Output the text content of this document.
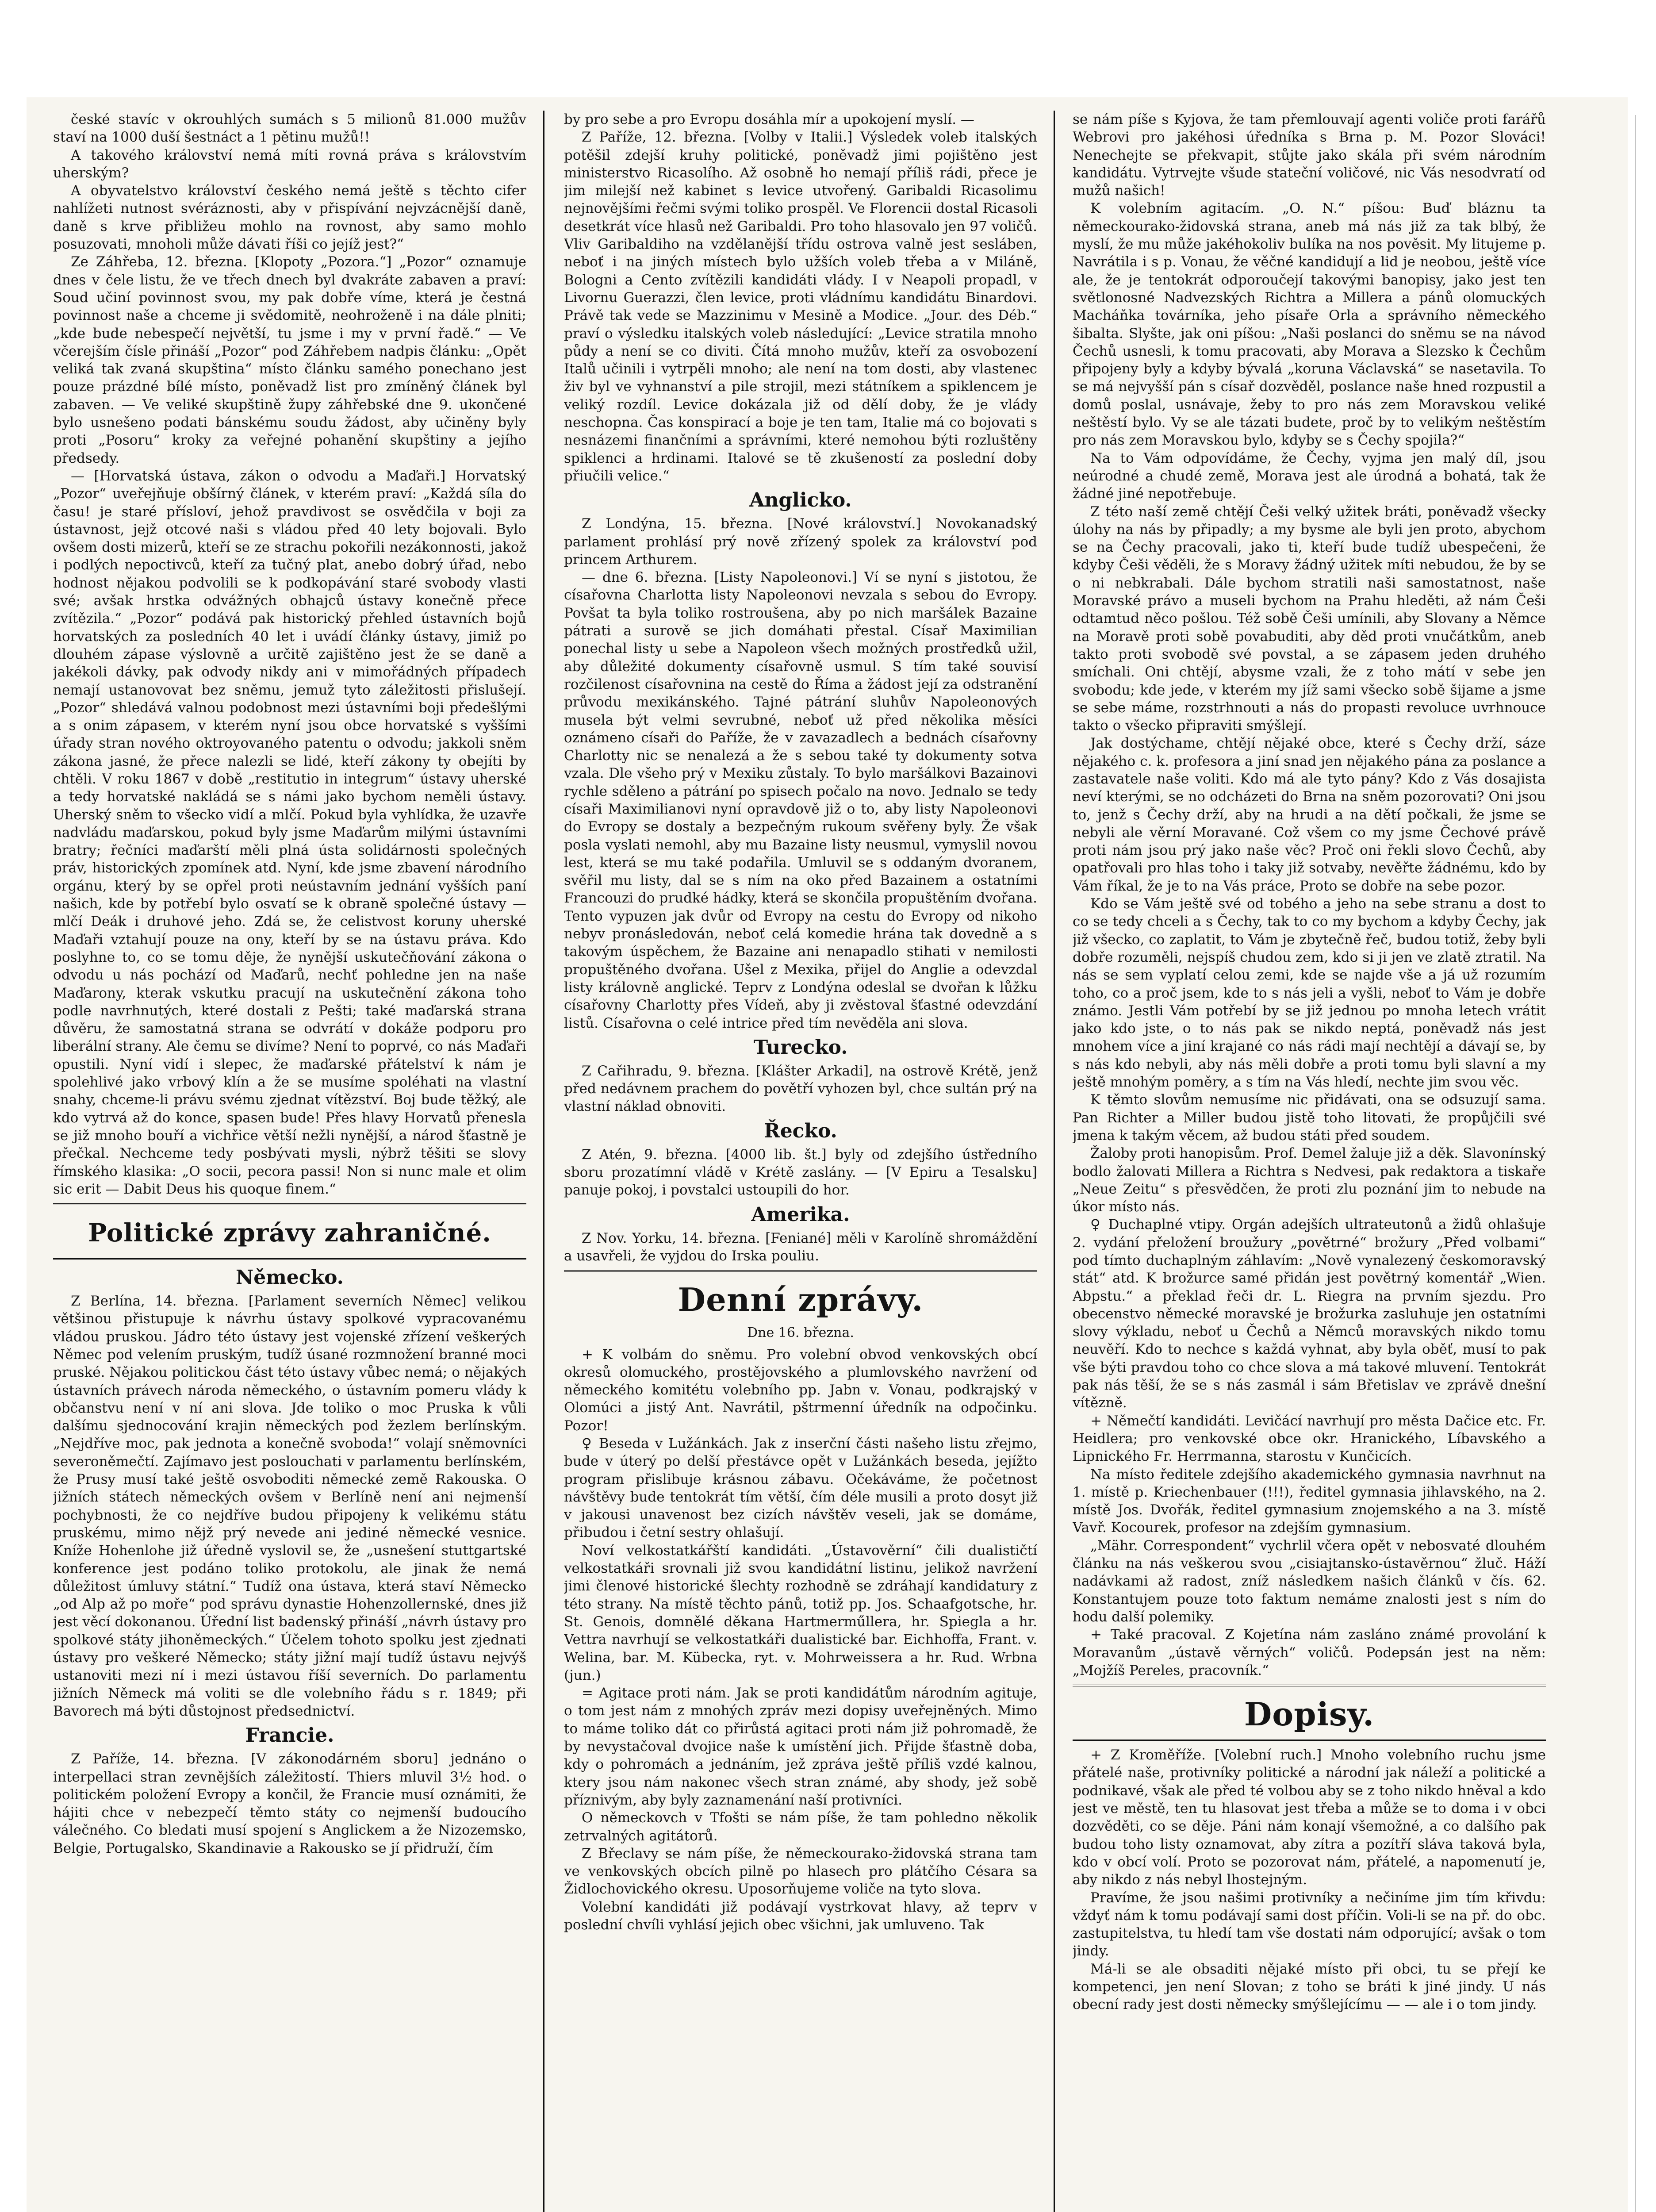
české stavíc v okrouhlých sumách s 5 milionů 81.000 mužův staví na 1000 duší šestnáct a 1 pětinu mužů!!

A takového království nemá míti rovná práva s královstvím uherským?

A obyvatelstvo království českého nemá ještě s těchto cifer nahlížeti nutnost svéráznosti, aby v přispívání nejvzácnější daně, daně s krve přibližeu mohlo na rovnost, aby samo mohlo posuzovati, mnoholi může dávati říši co jejíž jest?“

Ze Záhřeba, 12. března. [Klopoty „Pozora.“] „Pozor“ oznamuje dnes v čele listu, že ve třech dnech byl dvakráte zabaven a praví: Soud učiní povinnost svou, my pak dobře víme, která je čestná povinnost naše a chceme ji svědomitě, neohroženě i na dále plniti; „kde bude nebespečí největší, tu jsme i my v první řadě.“ — Ve včerejším čísle přináší „Pozor“ pod Záhřebem nadpis článku: „Opět veliká tak zvaná skupština“ místo článku samého ponechano jest pouze prázdné bílé místo, poněvadž list pro zmíněný článek byl zabaven. — Ve veliké skupštině župy záhřebské dne 9. ukončené bylo usnešeno podati bánskému soudu žádost, aby učiněny byly proti „Posoru“ kroky za veřejné pohanění skupštiny a jejího předsedy.

— [Horvatská ústava, zákon o odvodu a Maďaři.] Horvatský „Pozor“ uveřejňuje obšírný článek, v kterém praví: „Každá síla do času! je staré přísloví, jehož pravdivost se osvědčila v boji za ústavnost, jejž otcové naši s vládou před 40 lety bojovali. Bylo ovšem dosti mizerů, kteří se ze strachu pokořili nezákonnosti, jakož i podlých nepoctivců, kteří za tučný plat, anebo dobrý úřad, nebo hodnost nějakou podvolili se k podkopávání staré svobody vlasti své; avšak hrstka odvážných obhajců ústavy konečně přece zvítězila.“ „Pozor“ podává pak historický přehled ústavních bojů horvatských za posledních 40 let i uvádí články ústavy, jimiž po dlouhém zápase výslovně a určitě zajištěno jest že se daně a jakékoli dávky, pak odvody nikdy ani v mimořádných případech nemají ustanovovat bez sněmu, jemuž tyto záležitosti přislušejí. „Pozor“ shledává valnou podobnost mezi ústavními boji předešlými a s onim zápasem, v kterém nyní jsou obce horvatské s vyššími úřady stran nového oktroyovaného patentu o odvodu; jakkoli sněm zákona jasné, že přece nalezli se lidé, kteří zákony ty obejíti by chtěli. V roku 1867 v době „restitutio in integrum“ ústavy uherské a tedy horvatské nakládá se s námi jako bychom neměli ústavy. Uherský sněm to všecko vidí a mlčí. Pokud byla vyhlídka, že uzavře nadvládu maďarskou, pokud byly jsme Maďarům milými ústavními bratry; řečníci maďarští měli plná ústa solidárnosti společných práv, historických zpomínek atd. Nyní, kde jsme zbavení národního orgánu, který by se opřel proti neústavním jednání vyšších paní našich, kde by potřebí bylo osvatí se k obraně společné ústavy — mlčí Deák i druhové jeho. Zdá se, že celistvost koruny uherské Maďaři vztahují pouze na ony, kteří by se na ústavu práva. Kdo poslyhne to, co se tomu děje, že nynější uskutečňování zákona o odvodu u nás pochází od Maďarů, nechť pohledne jen na naše Maďarony, kterak vskutku pracují na uskutečnění zákona toho podle navrhnutých, které dostali z Pešti; také maďarská strana důvěru, že samostatná strana se odvrátí v dokáže podporu pro liberální strany. Ale čemu se divíme? Není to poprvé, co nás Maďaři opustili. Nyní vidí i slepec, že maďarské přátelství k nám je spolehlivé jako vrbový klín a že se musíme spoléhati na vlastní snahy, chceme-li právu svému zjednat vítězství. Boj bude těžký, ale kdo vytrvá až do konce, spasen bude! Přes hlavy Horvatů přenesla se již mnoho bouří a vichřice větší nežli nynější, a národ šťastně je přečkal. Nechceme tedy posbývati mysli, nýbrž těšiti se slovy římského klasika: „O socii, pecora passi! Non si nunc male et olim sic erit — Dabit Deus his quoque finem.“

Politické zprávy zahraničné.
Německo.

Z Berlína, 14. března. [Parlament severních Němec] velikou většinou přistupuje k návrhu ústavy spolkové vypracovanému vládou pruskou. Jádro této ústavy jest vojenské zřízení veškerých Němec pod velením pruským, tudíž úsané rozmnožení branné moci pruské. Nějakou politickou část této ústavy vůbec nemá; o nějakých ústavních právech národa německého, o ústavním pomeru vlády k občanstvu není v ní ani slova. Jde toliko o moc Pruska k vůli dalšímu sjednocování krajin německých pod žezlem berlínským. „Nejdříve moc, pak jednota a konečně svoboda!“ volají sněmovníci severoněmečtí. Zajímavo jest poslouchati v parlamentu berlínském, že Prusy musí také ještě osvoboditi německé země Rakouska. O jižních státech německých ovšem v Berlíně není ani nejmenší pochybnosti, že co nejdříve budou připojeny k velikému státu pruskému, mimo nějž prý nevede ani jediné německé vesnice. Kníže Hohenlohe již úředně vyslovil se, že „usnešení stuttgartské konference jest podáno toliko protokolu, ale jinak že nemá důležitost úmluvy státní.“ Tudíž ona ústava, která staví Německo „od Alp až po moře“ pod správu dynastie Hohenzollernské, dnes již jest věcí dokonanou. Úřední list badenský přináší „návrh ústavy pro spolkové státy jihoněmeckých.“ Účelem tohoto spolku jest zjednati ústavy pro veškeré Německo; státy jižní mají tudíž ústavu nejvýš ustanoviti mezi ní i mezi ústavou říší severních. Do parlamentu jižních Německ má voliti se dle volebního řádu s r. 1849; při Bavorech má býti důstojnost předsednictví.

Francie.

Z Paříže, 14. března. [V zákonodárném sboru] jednáno o interpellaci stran zevnějších záležitostí. Thiers mluvil 3½ hod. o politickém položení Evropy a končil, že Francie musí oznámiti, že hájiti chce v nebezpečí těmto státy co nejmenší budoucího válečného. Co bledati musí spojení s Anglickem a že Nizozemsko, Belgie, Portugalsko, Skandinavie a Rakousko se jí přidruží, čím

by pro sebe a pro Evropu dosáhla mír a upokojení myslí. —

Z Paříže, 12. března. [Volby v Italii.] Výsledek voleb italských potěšil zdejší kruhy politické, poněvadž jimi pojištěno jest ministerstvo Ricasolího. Až osobně ho nemají příliš rádi, přece je jim milejší než kabinet s levice utvořený. Garibaldi Ricasolimu nejnovějšími řečmi svými toliko prospěl. Ve Florencii dostal Ricasoli desetkrát více hlasů než Garibaldi. Pro toho hlasovalo jen 97 voličů. Vliv Garibaldiho na vzdělanější třídu ostrova valně jest sesláben, neboť i na jiných místech bylo užších voleb třeba a v Miláně, Bologni a Cento zvítězili kandidáti vlády. I v Neapoli propadl, v Livornu Guerazzi, člen levice, proti vládnímu kandidátu Binardovi. Právě tak vede se Mazzinimu v Mesině a Modice. „Jour. des Déb.“ praví o výsledku italských voleb následující: „Levice stratila mnoho půdy a není se co diviti. Čítá mnoho mužův, kteří za osvobození Italů učinili i vytrpěli mnoho; ale není na tom dosti, aby vlastenec živ byl ve vyhnanství a pile strojil, mezi státníkem a spiklencem je veliký rozdíl. Levice dokázala již od dělí doby, že je vlády neschopna. Čas konspirací a boje je ten tam, Italie má co bojovati s nesnázemi finančními a správními, které nemohou býti rozluštěny spiklenci a hrdinami. Italové se tě zkušeností za poslední doby přiučili velice.“

Anglicko.

Z Londýna, 15. března. [Nové království.] Novokanadský parlament prohlásí prý nově zřízený spolek za království pod princem Arthurem.

— dne 6. března. [Listy Napoleonovi.] Ví se nyní s jistotou, že císařovna Charlotta listy Napoleonovi nevzala s sebou do Evropy. Povšat ta byla toliko rostroušena, aby po nich maršálek Bazaine pátrati a surově se jich domáhati přestal. Císař Maximilian ponechal listy u sebe a Napoleon všech možných prostředků užil, aby důležité dokumenty císařovně usmul. S tím také souvisí rozčilenost císařovnina na cestě do Říma a žádost její za odstranění průvodu mexikánského. Tajné pátrání sluhův Napoleonových musela být velmi sevrubné, neboť už před několika měsíci oznámeno císaři do Paříže, že v zavazadlech a bednách císařovny Charlotty nic se nenalezá a že s sebou také ty dokumenty sotva vzala. Dle všeho prý v Mexiku zůstaly. To bylo maršálkovi Bazainovi rychle sděleno a pátrání po spisech počalo na novo. Jednalo se tedy císaři Maximilianovi nyní opravdově již o to, aby listy Napoleonovi do Evropy se dostaly a bezpečným rukoum svěřeny byly. Že však posla vyslati nemohl, aby mu Bazaine listy neusmul, vymyslil novou lest, která se mu také podařila. Umluvil se s oddaným dvoranem, svěřil mu listy, dal se s ním na oko před Bazainem a ostatními Francouzi do prudké hádky, která se skončila propuštěním dvořana. Tento vypuzen jak dvůr od Evropy na cestu do Evropy od nikoho nebyv pronásledován, neboť celá komedie hrána tak dovedně a s takovým úspěchem, že Bazaine ani nenapadlo stihati v nemilosti propuštěného dvořana. Ušel z Mexika, přijel do Anglie a odevzdal listy královně anglické. Teprv z Londýna odeslal se dvořan k lůžku císařovny Charlotty přes Vídeň, aby ji zvěstoval šťastné odevzdání listů. Císařovna o celé intrice před tím nevěděla ani slova.

Turecko.

Z Cařihradu, 9. března. [Klášter Arkadi], na ostrově Krétě, jenž před nedávnem prachem do povětří vyhozen byl, chce sultán prý na vlastní náklad obnoviti.

Řecko.

Z Atén, 9. března. [4000 lib. št.] byly od zdejšího ústředního sboru prozatímní vládě v Krétě zaslány. — [V Epiru a Tesalsku] panuje pokoj, i povstalci ustoupili do hor.

Amerika.

Z Nov. Yorku, 14. března. [Feniané] měli v Karolíně shromáždění a usavřeli, že vyjdou do Irska pouliu.

Denní zprávy.
Dne 16. března.

+ K volbám do sněmu. Pro volební obvod venkovských obcí okresů olomuckého, prostějovského a plumlovského navržení od německého komitétu volebního pp. Jabn v. Vonau, podkrajský v Olomúci a jistý Ant. Navrátil, pštrmenní úředník na odpočinku. Pozor!

♀ Beseda v Lužánkách. Jak z inserční části našeho listu zřejmo, bude v úterý po delší přestávce opět v Lužánkách beseda, jejížto program přislibuje krásnou zábavu. Očekáváme, že početnost návštěvy bude tentokrát tím větší, čím déle musili a proto dosyt již v jakousi unavenost bez cizích návštěv veseli, jak se domáme, přibudou i četní sestry ohlašují.

Noví velkostatkářští kandidáti. „Ústavověrní“ čili dualističtí velkostatkáři srovnali již svou kandidátní listinu, jelikož navržení jimi členové historické šlechty rozhodně se zdráhají kandidatury z této strany. Na místě těchto pánů, totiž pp. Jos. Schaafgotsche, hr. St. Genois, domnělé děkana Hartmerműllera, hr. Spiegla a hr. Vettra navrhují se velkostatkáři dualistické bar. Eichhoffa, Frant. v. Welina, bar. M. Kübecka, ryt. v. Mohrweissera a hr. Rud. Wrbna (jun.)

= Agitace proti nám. Jak se proti kandidátům národním agituje, o tom jest nám z mnohých zpráv mezi dopisy uveřejněných. Mimo to máme toliko dát co přirůstá agitaci proti nám již pohromadě, že by nevystačoval dvojice naše k umístění jich. Přijde šťastně doba, kdy o pohromách a jednáním, jež zpráva ještě příliš vzdé kalnou, ktery jsou nám nakonec všech stran známé, aby shody, jež sobě příznivým, aby byly zaznamenání naší protivníci.

O německovch v Tfošti se nám píše, že tam pohledno několik zetrvalných agitátorů.

Z Břeclavy se nám píše, že německourako-židovská strana tam ve venkovských obcích pilně po hlasech pro plátčího Césara sa Židlochovického okresu. Uposorňujeme voliče na tyto slova.

Volební kandidáti již podávají vystrkovat hlavy, až teprv v poslední chvíli vyhlásí jejich obec všichni, jak umluveno. Tak

se nám píše s Kyjova, že tam přemlouvají agenti voliče proti farářů Webrovi pro jakéhosi úředníka s Brna p. M. Pozor Slováci! Nenechejte se překvapit, stůjte jako skála při svém národním kandidátu. Vytrvejte všude stateční voličové, nic Vás nesodvratí od mužů našich!

K volebním agitacím. „O. N.“ píšou: Buď bláznu ta německourako-židovská strana, aneb má nás již za tak blbý, že myslí, že mu může jakéhokoliv bulíka na nos pověsit. My litujeme p. Navrátila i s p. Vonau, že věčné kandidují a lid je neobou, ještě více ale, že je tentokrát odporoučejí takovými banopisy, jako jest ten světlonosné Nadvezských Richtra a Millera a pánů olomuckých Macháňka továrníka, jeho písaře Orla a správního německého šibalta. Slyšte, jak oni píšou: „Naši poslanci do sněmu se na návod Čechů usnesli, k tomu pracovati, aby Morava a Slezsko k Čechům připojeny byly a kdyby bývalá „koruna Václavská“ se nasetavila. To se má nejvyšší pán s císař dozvěděl, poslance naše hned rozpustil a domů poslal, usnávaje, žeby to pro nás zem Moravskou veliké neštěstí bylo. Vy se ale tázati budete, proč by to velikým neštěstím pro nás zem Moravskou bylo, kdyby se s Čechy spojila?“

Na to Vám odpovídáme, že Čechy, vyjma jen malý díl, jsou neúrodné a chudé země, Morava jest ale úrodná a bohatá, tak že žádné jiné nepotřebuje.

Z této naší země chtějí Češi velký užitek bráti, poněvadž všecky úlohy na nás by připadly; a my bysme ale byli jen proto, abychom se na Čechy pracovali, jako ti, kteří bude tudíž ubespečeni, že kdyby Češi věděli, že s Moravy žádný užitek míti nebudou, že by se o ni nebkrabali. Dále bychom stratili naši samostatnost, naše Moravské právo a museli bychom na Prahu hleděti, až nám Češi odtamtud něco pošlou. Též sobě Češi umínili, aby Slovany a Němce na Moravě proti sobě povabuditi, aby děd proti vnučátkům, aneb takto proti svobodě své povstal, a se zápasem jeden druhého smíchali. Oni chtějí, abysme vzali, že z toho mátí v sebe jen svobodu; kde jede, v kterém my jíž sami všecko sobě šijame a jsme se sebe máme, rozstrhnouti a nás do propasti revoluce uvrhnouce takto o všecko připraviti smýšlejí.

Jak dostýchame, chtějí nějaké obce, které s Čechy drží, sáze nějakého c. k. profesora a jiní snad jen nějakého pána za poslance a zastavatele naše voliti. Kdo má ale tyto pány? Kdo z Vás dosajista neví kterými, se no odcházeti do Brna na sněm pozorovati? Oni jsou to, jenž s Čechy drží, aby na hrudi a na dětí počkali, že jsme se nebyli ale věrní Moravané. Což všem co my jsme Čechové právě proti nám jsou prý jako naše věc? Proč oni řekli slovo Čechů, aby opatřovali pro hlas toho i taky již sotvaby, nevěřte žádnému, kdo by Vám říkal, že je to na Vás práce, Proto se dobře na sebe pozor.

Kdo se Vám ještě své od tobého a jeho na sebe stranu a dost to co se tedy chceli a s Čechy, tak to co my bychom a kdyby Čechy, jak již všecko, co zaplatit, to Vám je zbytečně řeč, budou totiž, žeby byli dobře rozuměli, nejspíš chudou zem, kdo si ji jen ve zlatě ztratil. Na nás se sem vyplatí celou zemi, kde se najde vše a já už rozumím toho, co a proč jsem, kde to s nás jeli a vyšli, neboť to Vám je dobře známo. Jestli Vám potřebí by se již jednou po mnoha letech vrátit jako kdo jste, o to nás pak se nikdo neptá, poněvadž nás jest mnohem více a jiní krajané co nás rádi mají nechtějí a dávají se, by s nás kdo nebyli, aby nás měli dobře a proti tomu byli slavní a my ještě mnohým poměry, a s tím na Vás hledí, nechte jim svou věc.

K těmto slovům nemusíme nic přidávati, ona se odsuzují sama. Pan Richter a Miller budou jistě toho litovati, že propůjčili své jmena k takým věcem, až budou státi před soudem.

Žaloby proti hanopisům. Prof. Demel žaluje již a děk. Slavonínský bodlo žalovati Millera a Richtra s Nedvesi, pak redaktora a tiskaře „Neue Zeitu“ s přesvědčen, že proti zlu poznání jim to nebude na úkor místo nás.

♀ Duchaplné vtipy. Orgán adejších ultrateutonů a židů ohlašuje 2. vydání přeložení broužury „povětrné“ brožury „Před volbami“ pod tímto duchaplným záhlavím: „Nově vynalezený českomoravský stát“ atd. K brožurce samé přidán jest povětrný komentář „Wien. Abpstu.“ a překlad řeči dr. L. Riegra na prvním sjezdu. Pro obecenstvo německé moravské je brožurka zasluhuje jen ostatními slovy výkladu, neboť u Čechů a Němců moravských nikdo tomu neuvěří. Kdo to nechce s každá vyhnat, aby byla oběť, musí to pak vše býti pravdou toho co chce slova a má takové mluvení. Tentokrát pak nás těší, že se s nás zasmál i sám Břetislav ve zprávě dnešní vítězně.

+ Němečtí kandidáti. Levičácí navrhují pro města Dačice etc. Fr. Heidlera; pro venkovské obce okr. Hranického, Líbavského a Lipnického Fr. Herrmanna, starostu v Kunčicích.

Na místo ředitele zdejšího akademického gymnasia navrhnut na 1. místě p. Kriechenbauer (!!!), ředitel gymnasia jihlavského, na 2. místě Jos. Dvořák, ředitel gymnasium znojemského a na 3. místě Vavř. Kocourek, profesor na zdejším gymnasium.

„Mähr. Correspondent“ vychrlil včera opět v nebosvaté dlouhém článku na nás veškerou svou „cisiajtansko-ústavěrnou“ žluč. Háží nadávkami až radost, zníž následkem našich článků v čís. 62. Konstantujem pouze toto faktum nemáme znalosti jest s ním do hodu další polemiky.

+ Také pracoval. Z Kojetína nám zasláno známé provolání k Moravanům „ústavě věrných“ voličů. Podepsán jest na něm: „Mojžíš Pereles, pracovník.“

Dopisy.

+ Z Kroměříže. [Volební ruch.] Mnoho volebního ruchu jsme přátelé naše, protivníky politické a národní jak náleží a politické a podnikavé, však ale před té volbou aby se z toho nikdo hněval a kdo jest ve městě, ten tu hlasovat jest třeba a může se to doma i v obci dozvěděti, co se děje. Páni nám konají všemožné, a co dalšího pak budou toho listy oznamovat, aby zítra a pozítří sláva taková byla, kdo v obcí volí. Proto se pozorovat nám, přátelé, a napomenutí je, aby nikdo z nás nebyl lhostejným.

Pravíme, že jsou našimi protivníky a nečiníme jim tím křivdu: vždyť nám k tomu podávají sami dost příčin. Voli-li se na př. do obc. zastupitelstva, tu hledí tam vše dostati nám odporující; avšak o tom jindy.

Má-li se ale obsaditi nějaké místo při obci, tu se přejí ke kompetenci, jen není Slovan; z toho se bráti k jiné jindy. U nás obecní rady jest dosti německy smýšlejícímu — — ale i o tom jindy.
